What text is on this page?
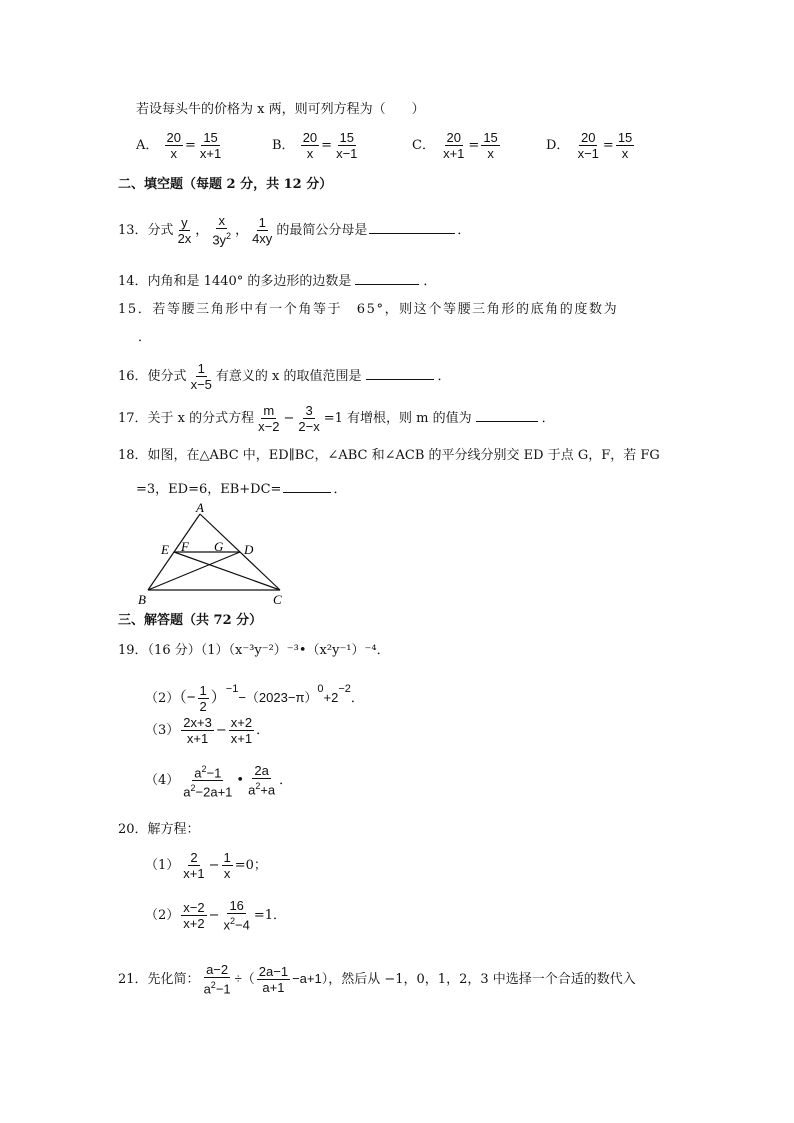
若设每头牛的价格为 x 两，则可列方程为（　　）
A． $\frac{20}{x} = \frac{15}{x+1}$	B． $\frac{20}{x} = \frac{15}{x-1}$	C． $\frac{20}{x+1} = \frac{15}{x}$	D． $\frac{20}{x-1} = \frac{15}{x}$
二、填空题（每题 2 分，共 12 分）
13．分式 $\frac{y}{2x}$ ， $\frac{x}{3y^2}$ ， $\frac{1}{4xy}$ 的最简公分母是	．
14．内角和是 1440° 的多边形的边数是	．
15．若等腰三角形中有一个角等于　65°，则这个等腰三角形的底角的度数为
．
16．使分式 $\frac{1}{x-5}$ 有意义的 x 的取值范围是	．
17．关于 x 的分式方程 $\frac{m}{x-2} - \frac{3}{2-x} =1$ 有增根，则 m 的值为	．
18．如图，在△ABC 中，ED∥BC，∠ABC 和∠ACB 的平分线分别交 ED 于点 G，F，若 FG
=3，ED=6，EB+DC=	．
A
B	C
D
E F G
三、解答题（共 72 分）
19．（16 分）（1）（x⁻³y⁻²）⁻³•（x²y⁻¹）⁻⁴．
$(2)(- \frac{1}{2} )^{-1}-(2023-\pi)^0+2^{-2}$．
$(3) \frac{2x+3}{x+1} - \frac{x+2}{x+1}$ ．
$(4) \frac{a^2-1}{a^2-2a+1}$ • $\frac{2a}{a^2+a}$ ．
20．解方程：
$(1) \frac{2}{x+1} - \frac{1}{x} =0$；
$(2) \frac{x-2}{x+2} - \frac{16}{x^2-4} =1$．
21．先化简： $\frac{a-2}{a^2-1}$ ÷（ $\frac{2a-1}{a+1} -a+1$），然后从 −1，0，1，2，3 中选择一个合适的数代入
